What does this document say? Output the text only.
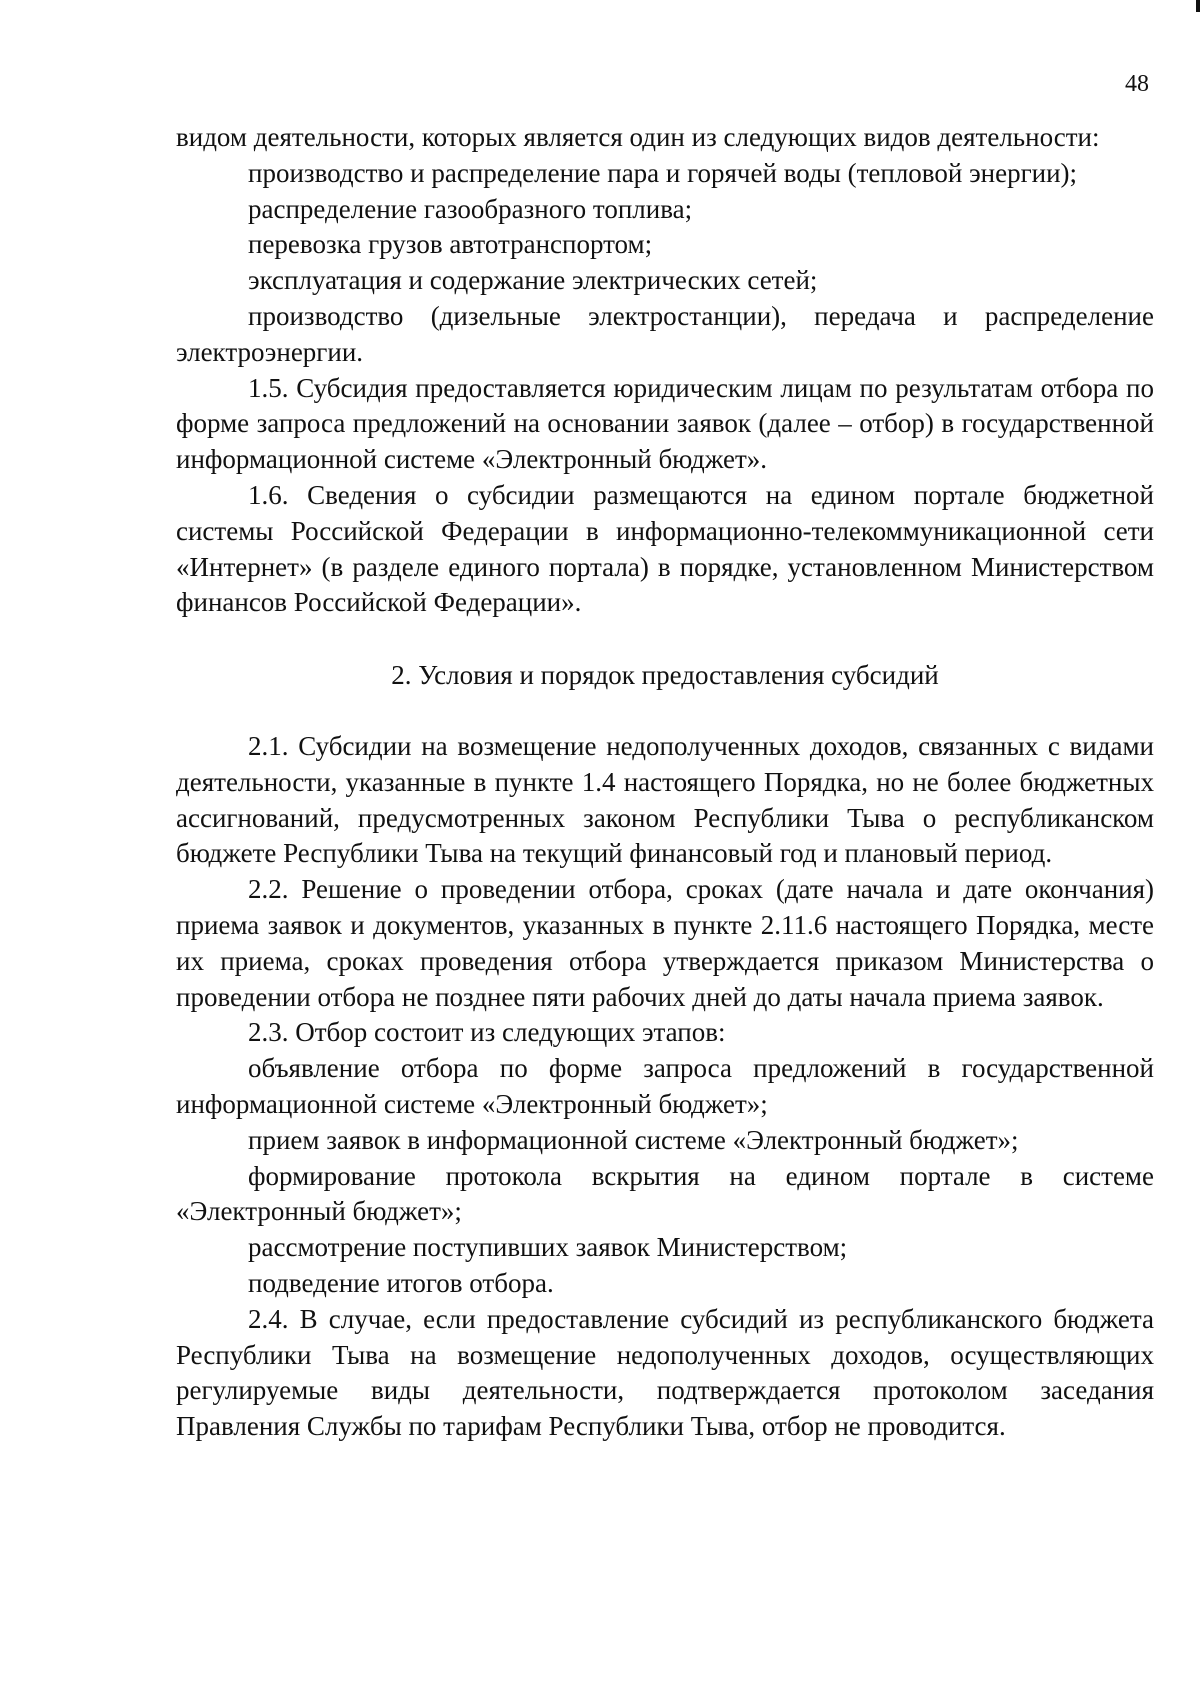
48

видом деятельности, которых является один из следующих видов деятельности:

производство и распределение пара и горячей воды (тепловой энергии);

распределение газообразного топлива;

перевозка грузов автотранспортом;

эксплуатация и содержание электрических сетей;

производство (дизельные электростанции), передача и распределение электроэнергии.

1.5. Субсидия предоставляется юридическим лицам по результатам отбора по форме запроса предложений на основании заявок (далее – отбор) в государственной информационной системе «Электронный бюджет».

1.6. Сведения о субсидии размещаются на едином портале бюджетной системы Российской Федерации в информационно-телекоммуникационной сети «Интернет» (в разделе единого портала) в порядке, установленном Министерством финансов Российской Федерации».

2. Условия и порядок предоставления субсидий

2.1. Субсидии на возмещение недополученных доходов, связанных с видами деятельности, указанные в пункте 1.4 настоящего Порядка, но не более бюджетных ассигнований, предусмотренных законом Республики Тыва о республиканском бюджете Республики Тыва на текущий финансовый год и плановый период.

2.2. Решение о проведении отбора, сроках (дате начала и дате окончания) приема заявок и документов, указанных в пункте 2.11.6 настоящего Порядка, месте их приема, сроках проведения отбора утверждается приказом Министерства о проведении отбора не позднее пяти рабочих дней до даты начала приема заявок.

2.3. Отбор состоит из следующих этапов:

объявление отбора по форме запроса предложений в государственной информационной системе «Электронный бюджет»;

прием заявок в информационной системе «Электронный бюджет»;

формирование протокола вскрытия на едином портале в системе «Электронный бюджет»;

рассмотрение поступивших заявок Министерством;

подведение итогов отбора.

2.4. В случае, если предоставление субсидий из республиканского бюджета Республики Тыва на возмещение недополученных доходов, осуществляющих регулируемые виды деятельности, подтверждается протоколом заседания Правления Службы по тарифам Республики Тыва, отбор не проводится.
